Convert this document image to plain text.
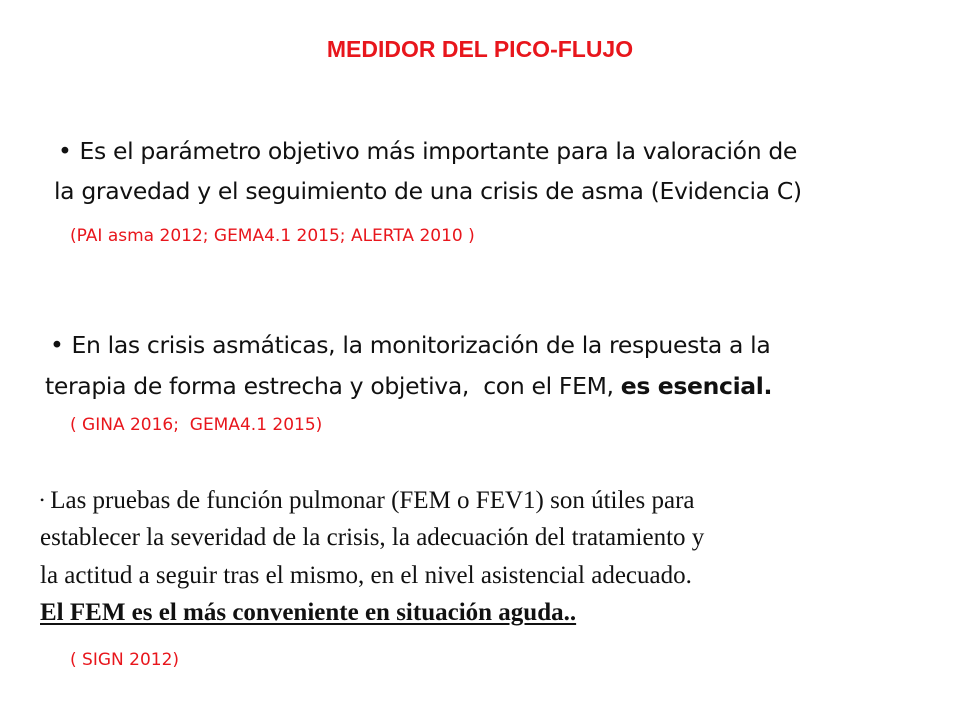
MEDIDOR DEL PICO-FLUJO
• Es el parámetro objetivo más importante para la valoración de
la gravedad y el seguimiento de una crisis de asma (Evidencia C)
(PAI asma 2012; GEMA4.1 2015; ALERTA 2010 )
• En las crisis asmáticas, la monitorización de la respuesta a la
terapia de forma estrecha y objetiva,  con el FEM, es esencial.
( GINA 2016;  GEMA4.1 2015)
• Las pruebas de función pulmonar (FEM o FEV1) son útiles para
establecer la severidad de la crisis, la adecuación del tratamiento y
la actitud a seguir tras el mismo, en el nivel asistencial adecuado.
El FEM es el más conveniente en situación aguda..
( SIGN 2012)
